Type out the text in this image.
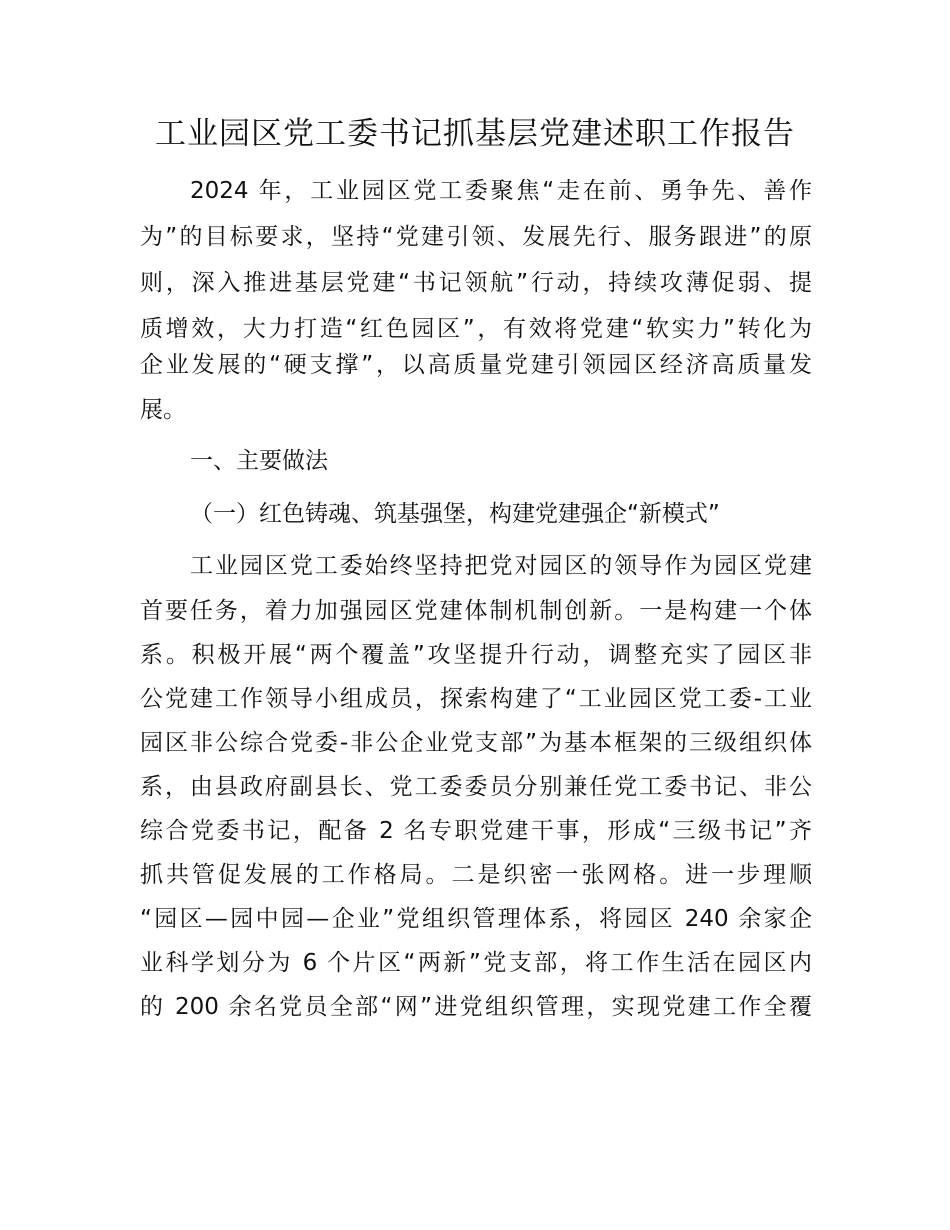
工业园区党工委书记抓基层党建述职工作报告

2024 年，工业园区党工委聚焦“走在前、勇争先、善作

为”的目标要求，坚持“党建引领、发展先行、服务跟进”的原

则，深入推进基层党建“书记领航”行动，持续攻薄促弱、提

质增效，大力打造“红色园区”，有效将党建“软实力”转化为

企业发展的“硬支撑”，以高质量党建引领园区经济高质量发

展。

一、主要做法

（一）红色铸魂、筑基强堡，构建党建强企“新模式”

工业园区党工委始终坚持把党对园区的领导作为园区党建

首要任务，着力加强园区党建体制机制创新。一是构建一个体

系。积极开展“两个覆盖”攻坚提升行动，调整充实了园区非

公党建工作领导小组成员，探索构建了“工业园区党工委-工业

园区非公综合党委-非公企业党支部”为基本框架的三级组织体

系，由县政府副县长、党工委委员分别兼任党工委书记、非公

综合党委书记，配备 2 名专职党建干事，形成“三级书记”齐

抓共管促发展的工作格局。二是织密一张网格。进一步理顺

“园区—园中园—企业”党组织管理体系，将园区 240 余家企

业科学划分为 6 个片区“两新”党支部，将工作生活在园区内

的 200 余名党员全部“网”进党组织管理，实现党建工作全覆
